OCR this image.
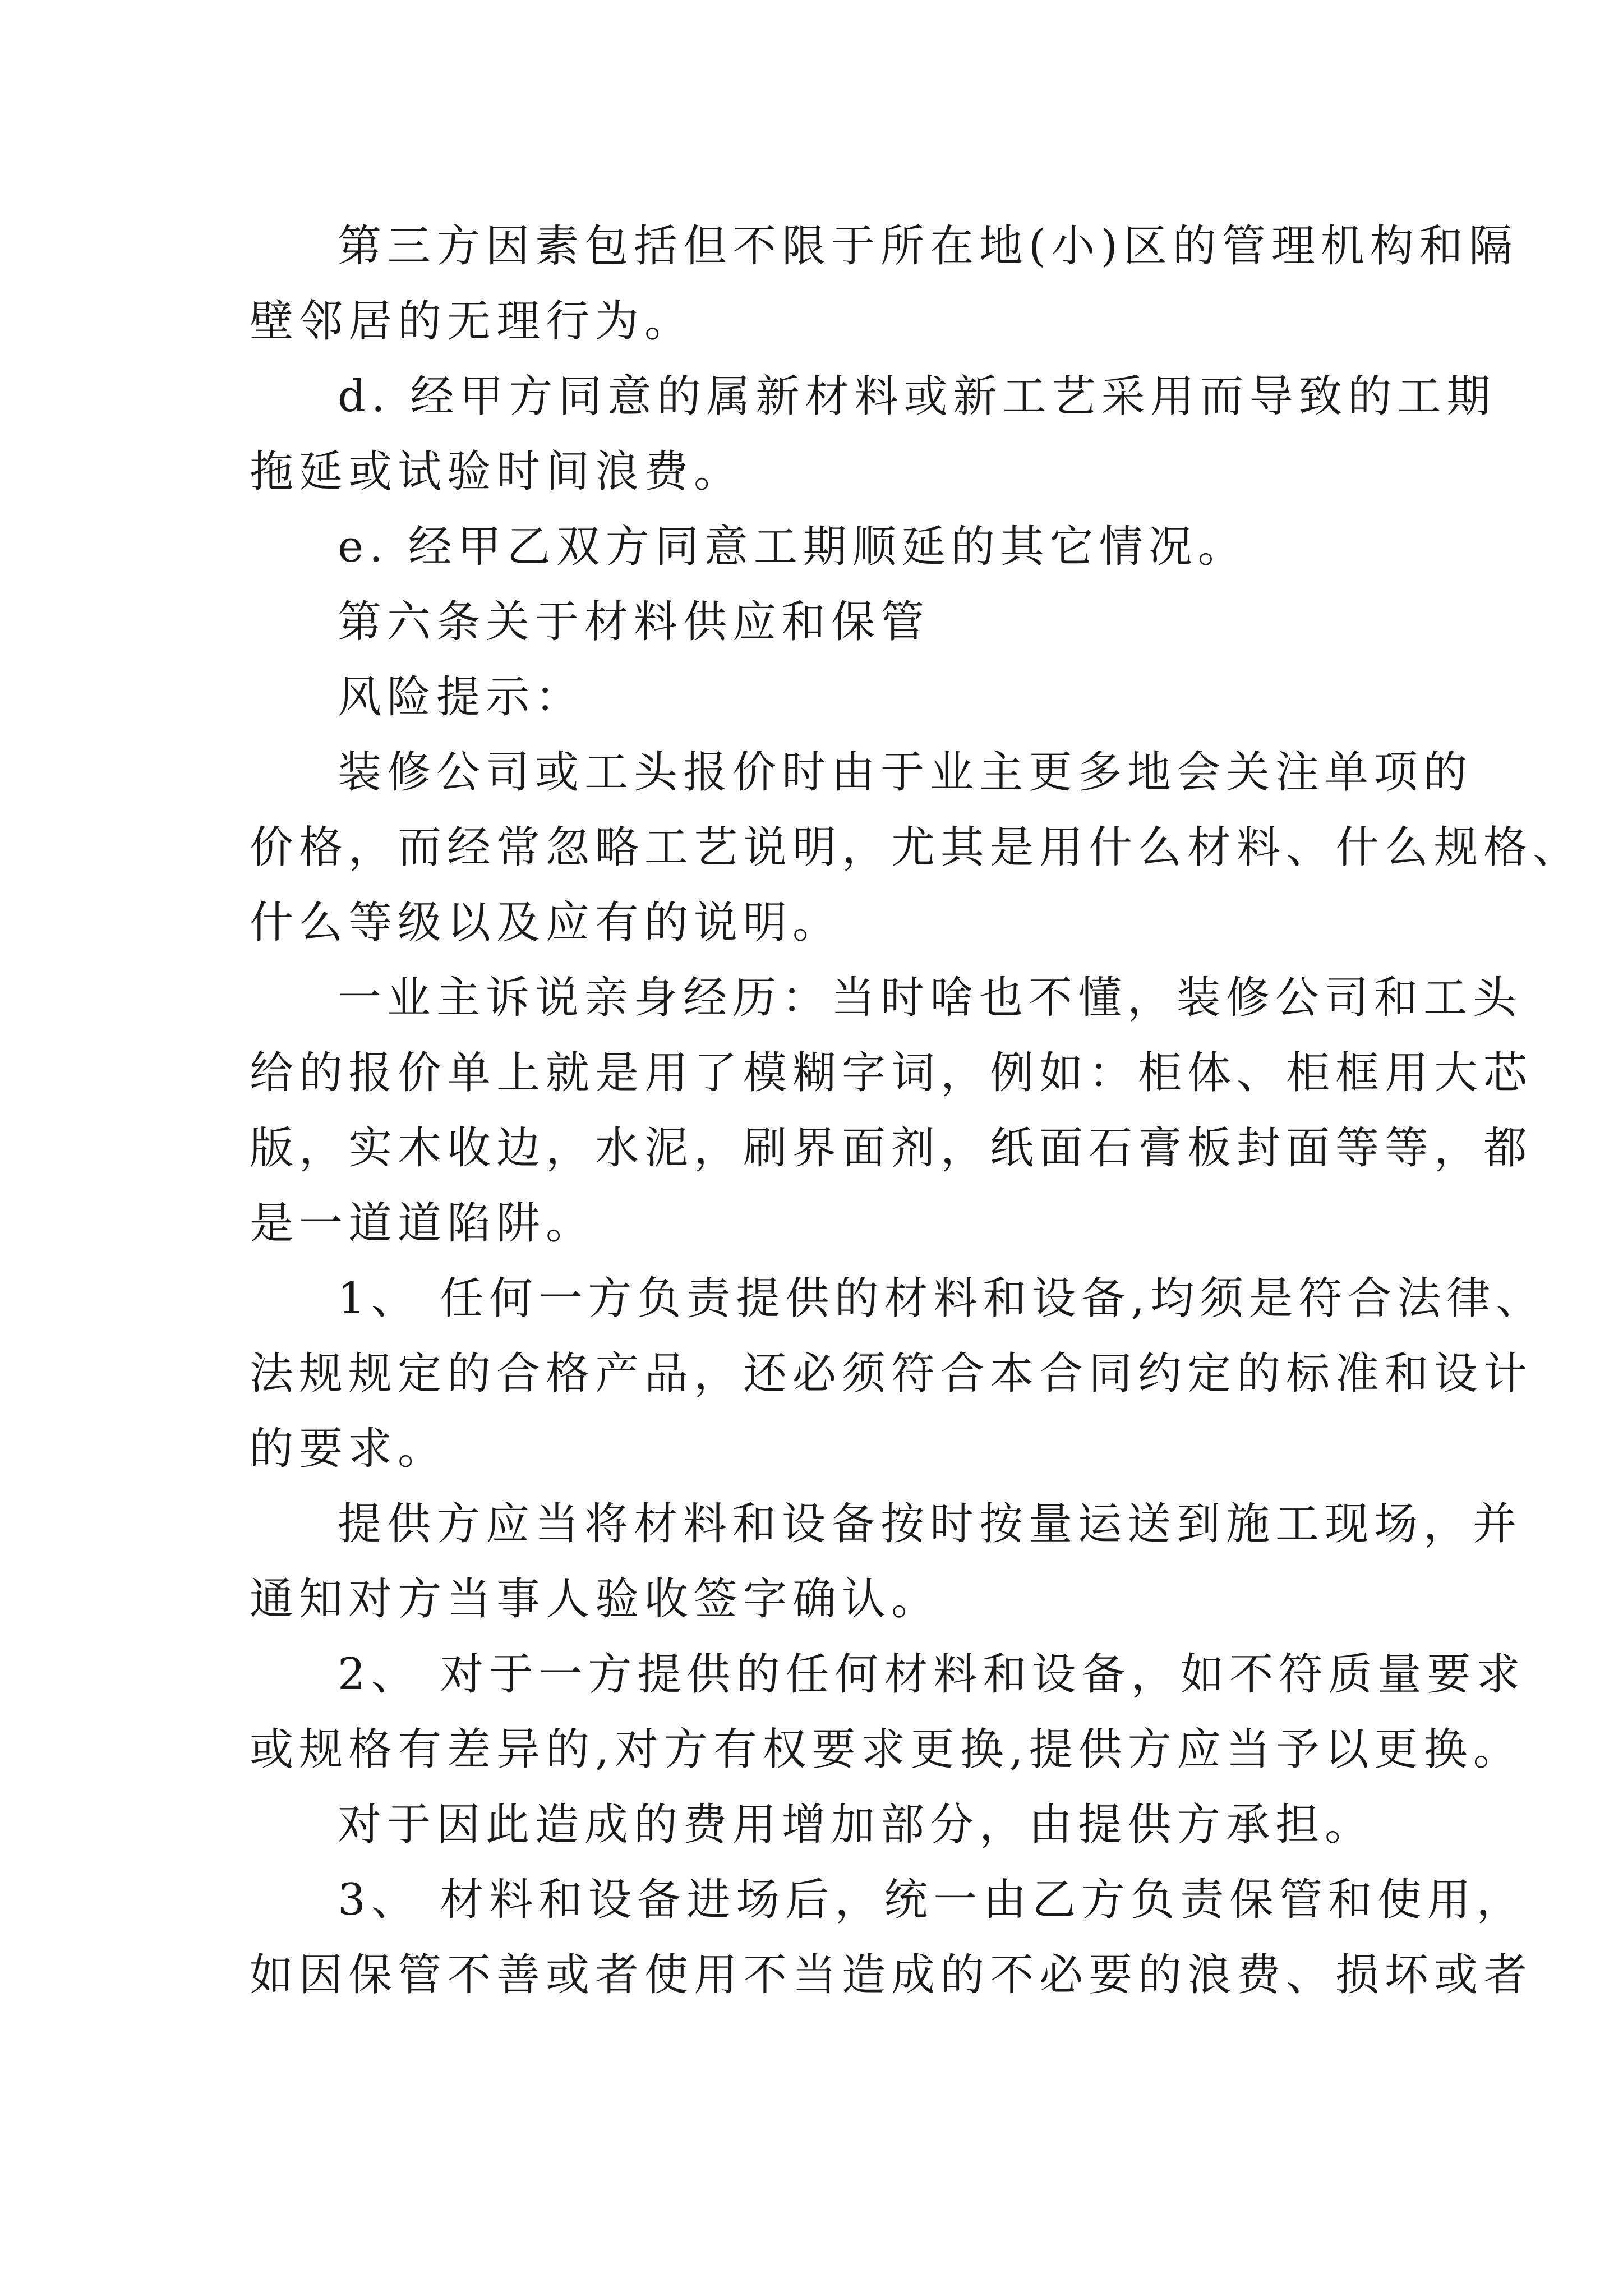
第三方因素包括但不限于所在地(小)区的管理机构和隔
壁邻居的无理行为。
d. 经甲方同意的属新材料或新工艺采用而导致的工期
拖延或试验时间浪费。
e. 经甲乙双方同意工期顺延的其它情况。
第六条关于材料供应和保管
风险提示：
装修公司或工头报价时由于业主更多地会关注单项的
价格，而经常忽略工艺说明，尤其是用什么材料、什么规格、
什么等级以及应有的说明。
一业主诉说亲身经历：当时啥也不懂，装修公司和工头
给的报价单上就是用了模糊字词，例如：柜体、柜框用大芯
版，实木收边，水泥，刷界面剂，纸面石膏板封面等等，都
是一道道陷阱。
1、 任何一方负责提供的材料和设备,均须是符合法律、
法规规定的合格产品，还必须符合本合同约定的标准和设计
的要求。
提供方应当将材料和设备按时按量运送到施工现场，并
通知对方当事人验收签字确认。
2、 对于一方提供的任何材料和设备，如不符质量要求
或规格有差异的,对方有权要求更换,提供方应当予以更换。
对于因此造成的费用增加部分，由提供方承担。
3、 材料和设备进场后，统一由乙方负责保管和使用，
如因保管不善或者使用不当造成的不必要的浪费、损坏或者
